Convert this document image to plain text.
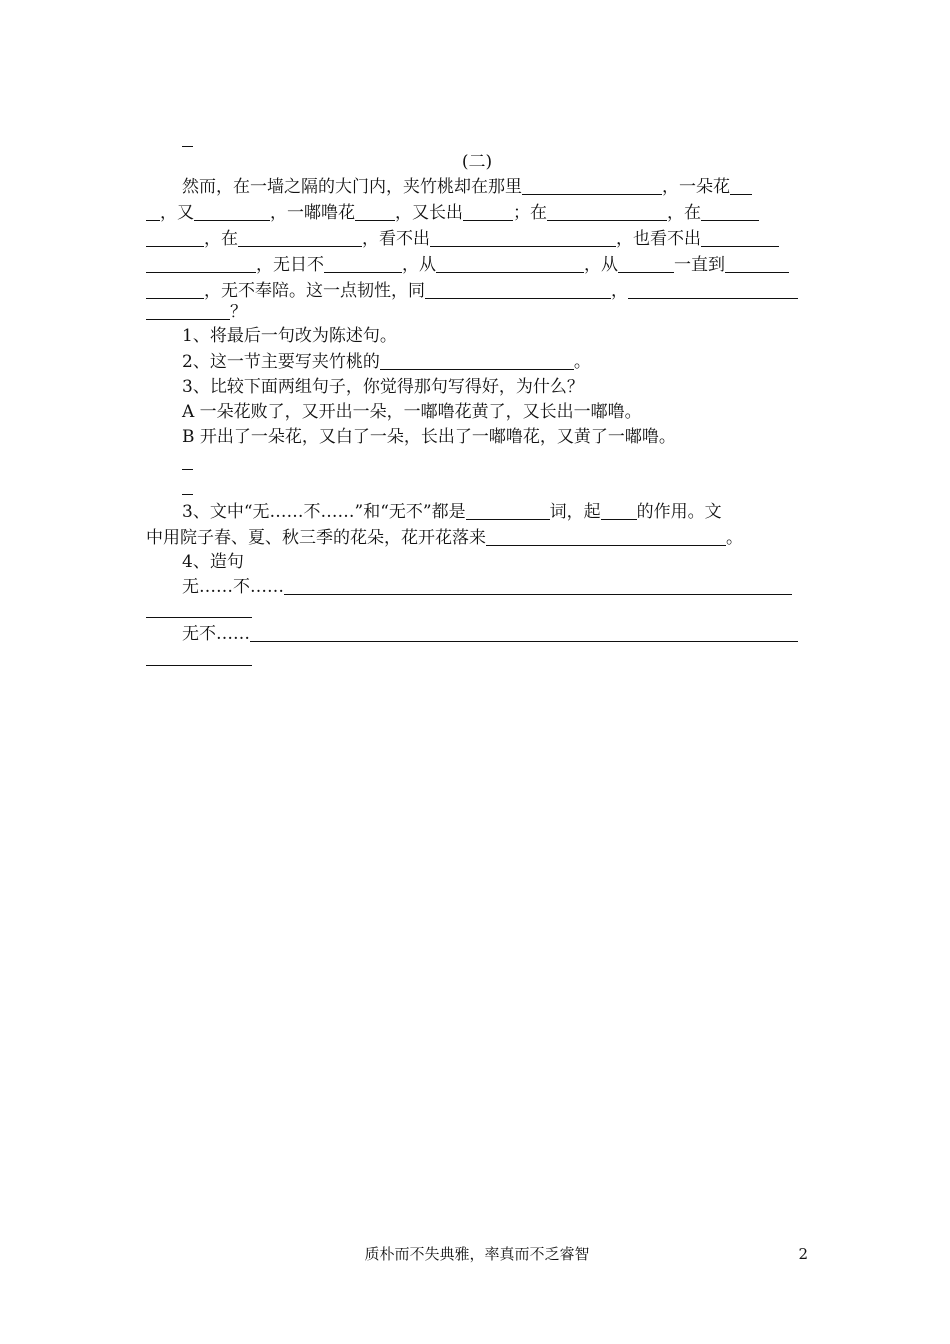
(二)
然而，在一墙之隔的大门内，夹竹桃却在那里	，一朵花
，又	，一嘟噜花 ，又长出	；在	，在
，在	，看不出	，也看不出
，无日不	，从	，从	一直到
，无不奉陪。这一点韧性，同	，
？
1、将最后一句改为陈述句。
2、这一节主要写夹竹桃的	。
3、比较下面两组句子，你觉得那句写得好，为什么？
A 一朵花败了，又开出一朵，一嘟噜花黄了，又长出一嘟噜。
B 开出了一朵花，又白了一朵，长出了一嘟噜花，又黄了一嘟噜。
3、文中“无……不……”和“无不”都是	词，起 的作用。文
中用院子春、夏、秋三季的花朵，花开花落来	。
4、造句
无……不……
无不……
质朴而不失典雅，率真而不乏睿智	2
